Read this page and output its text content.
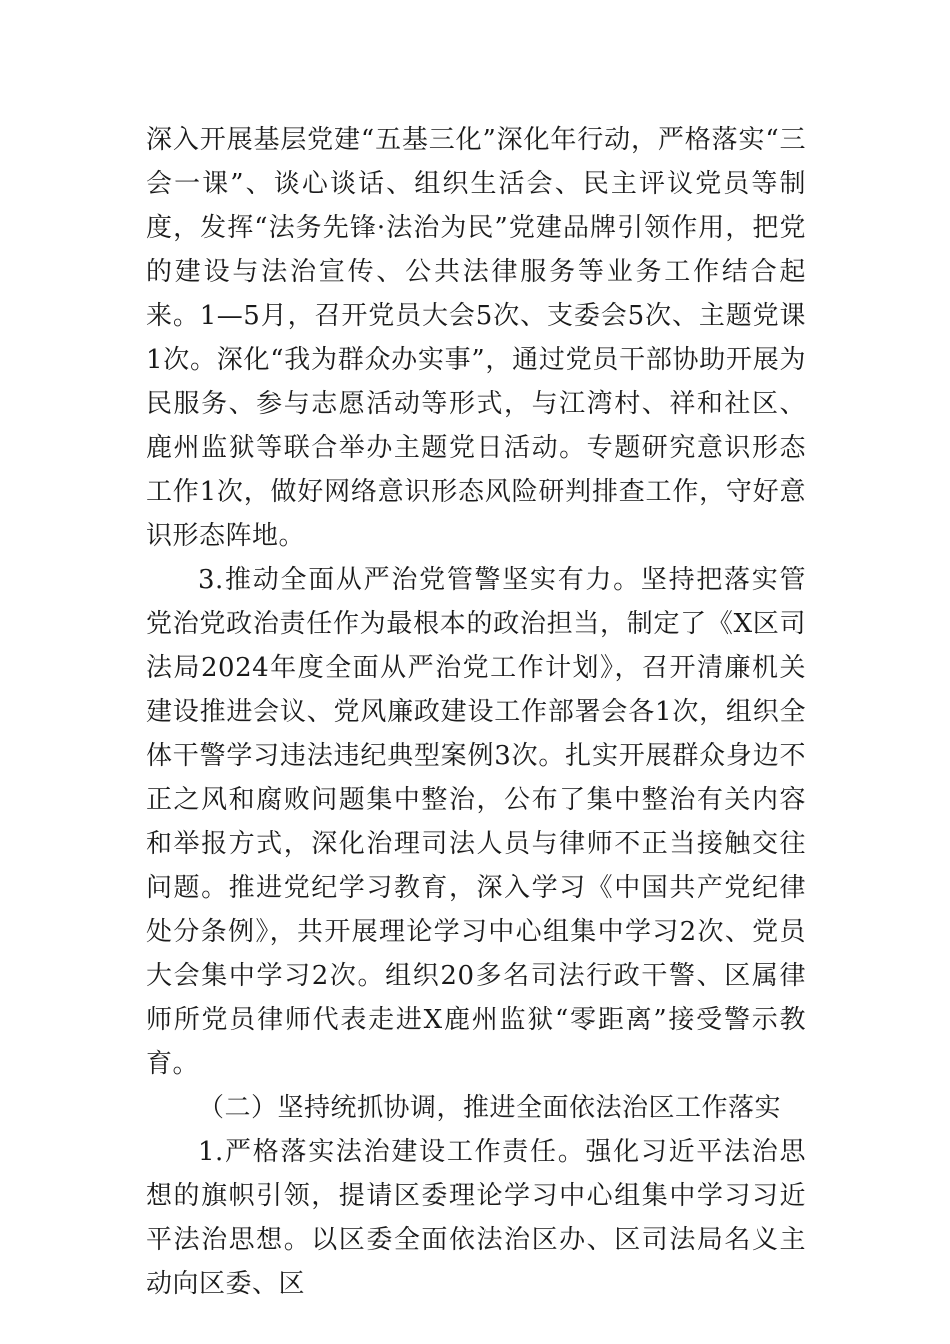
深入开展基层党建“五基三化”深化年行动，严格落实“三会一课”、谈心谈话、组织生活会、民主评议党员等制度，发挥“法务先锋·法治为民”党建品牌引领作用，把党的建设与法治宣传、公共法律服务等业务工作结合起来。1—5月，召开党员大会5次、支委会5次、主题党课1次。深化“我为群众办实事”，通过党员干部协助开展为民服务、参与志愿活动等形式，与江湾村、祥和社区、鹿州监狱等联合举办主题党日活动。专题研究意识形态工作1次，做好网络意识形态风险研判排查工作，守好意识形态阵地。

3.推动全面从严治党管警坚实有力。坚持把落实管党治党政治责任作为最根本的政治担当，制定了《X区司法局2024年度全面从严治党工作计划》，召开清廉机关建设推进会议、党风廉政建设工作部署会各1次，组织全体干警学习违法违纪典型案例3次。扎实开展群众身边不正之风和腐败问题集中整治，公布了集中整治有关内容和举报方式，深化治理司法人员与律师不正当接触交往问题。推进党纪学习教育，深入学习《中国共产党纪律处分条例》，共开展理论学习中心组集中学习2次、党员大会集中学习2次。组织20多名司法行政干警、区属律师所党员律师代表走进X鹿州监狱“零距离”接受警示教育。

（二）坚持统抓协调，推进全面依法治区工作落实

1.严格落实法治建设工作责任。强化习近平法治思想的旗帜引领，提请区委理论学习中心组集中学习习近平法治思想。以区委全面依法治区办、区司法局名义主动向区委、区
